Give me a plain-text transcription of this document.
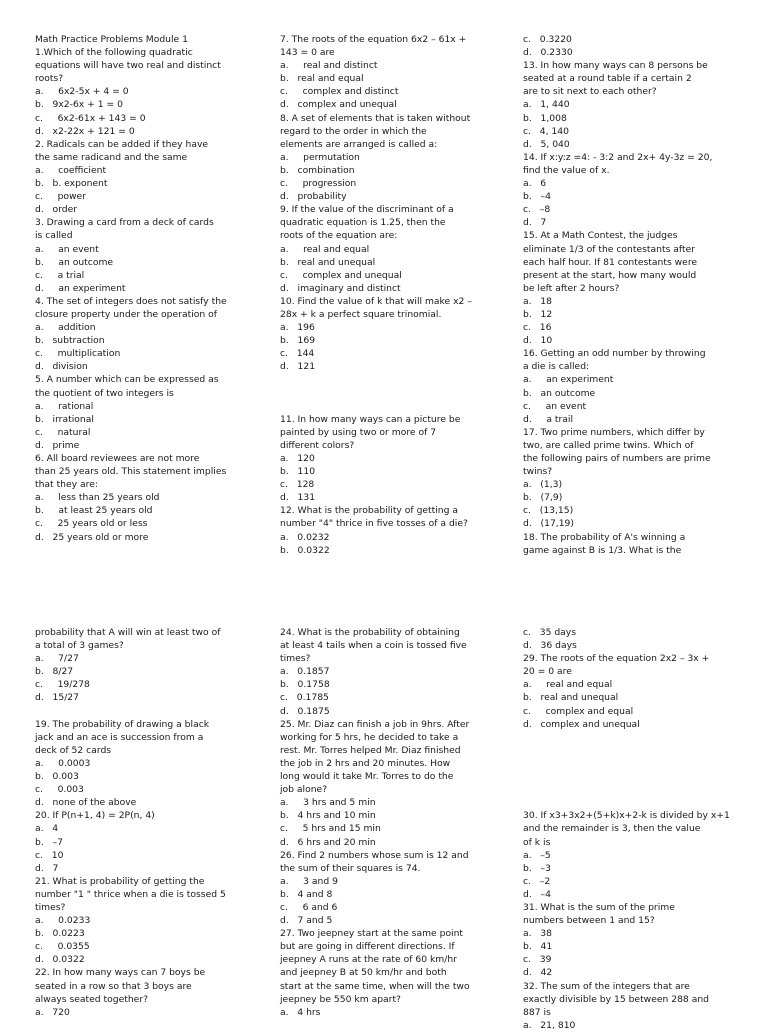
Math Practice Problems Module 1
1.Which of the following quadratic
equations will have two real and distinct
roots?
a.     6x2-5x + 4 = 0
b.   9x2-6x + 1 = 0
c.     6x2-61x + 143 = 0
d.   x2-22x + 121 = 0
2. Radicals can be added if they have
the same radicand and the same
a.     coefficient
b.   b. exponent
c.     power
d.   order
3. Drawing a card from a deck of cards
is called
a.     an event
b.     an outcome
c.     a trial
d.     an experiment
4. The set of integers does not satisfy the
closure property under the operation of
a.     addition
b.   subtraction
c.     multiplication
d.   division
5. A number which can be expressed as
the quotient of two integers is
a.     rational
b.   irrational
c.     natural
d.   prime
6. All board reviewees are not more
than 25 years old. This statement implies
that they are:
a.     less than 25 years old
b.     at least 25 years old
c.     25 years old or less
d.   25 years old or more
7. The roots of the equation 6x2 – 61x +
143 = 0 are
a.     real and distinct
b.   real and equal
c.     complex and distinct
d.   complex and unequal
8. A set of elements that is taken without
regard to the order in which the
elements are arranged is called a:
a.     permutation
b.   combination
c.     progression
d.   probability
9. If the value of the discriminant of a
quadratic equation is 1.25, then the
roots of the equation are:
a.     real and equal
b.   real and unequal
c.     complex and unequal
d.   imaginary and distinct
10. Find the value of k that will make x2 –
28x + k a perfect square trinomial.
a.   196
b.   169
c.   144
d.   121
11. In how many ways can a picture be
painted by using two or more of 7
different colors?
a.   120
b.   110
c.   128
d.   131
12. What is the probability of getting a
number "4" thrice in five tosses of a die?
a.   0.0232
b.   0.0322
c.   0.3220
d.   0.2330
13. In how many ways can 8 persons be
seated at a round table if a certain 2
are to sit next to each other?
a.   1, 440
b.   1,008
c.   4, 140
d.   5, 040
14. If x:y:z =4: - 3:2 and 2x+ 4y-3z = 20,
find the value of x.
a.   6
b.   –4
c.   –8
d.   7
15. At a Math Contest, the judges
eliminate 1/3 of the contestants after
each half hour. If 81 contestants were
present at the start, how many would
be left after 2 hours?
a.   18
b.   12
c.   16
d.   10
16. Getting an odd number by throwing
a die is called:
a.     an experiment
b.   an outcome
c.     an event
d.     a trail
17. Two prime numbers, which differ by
two, are called prime twins. Which of
the following pairs of numbers are prime
twins?
a.   (1,3)
b.   (7,9)
c.   (13,15)
d.   (17,19)
18. The probability of A's winning a
game against B is 1/3. What is the
probability that A will win at least two of
a total of 3 games?
a.     7/27
b.   8/27
c.     19/278
d.   15/27
19. The probability of drawing a black
jack and an ace is succession from a
deck of 52 cards
a.     0.0003
b.   0.003
c.     0.003
d.   none of the above
20. If P(n+1, 4) = 2P(n, 4)
a.   4
b.   –7
c.   10
d.   7
21. What is probability of getting the
number "1 " thrice when a die is tossed 5
times?
a.     0.0233
b.   0.0223
c.     0.0355
d.   0.0322
22. In how many ways can 7 boys be
seated in a row so that 3 boys are
always seated together?
a.   720
24. What is the probability of obtaining
at least 4 tails when a coin is tossed five
times?
a.   0.1857
b.   0.1758
c.   0.1785
d.   0.1875
25. Mr. Diaz can finish a job in 9hrs. After
working for 5 hrs, he decided to take a
rest. Mr. Torres helped Mr. Diaz finished
the job in 2 hrs and 20 minutes. How
long would it take Mr. Torres to do the
job alone?
a.     3 hrs and 5 min
b.   4 hrs and 10 min
c.     5 hrs and 15 min
d.   6 hrs and 20 min
26. Find 2 numbers whose sum is 12 and
the sum of their squares is 74.
a.     3 and 9
b.   4 and 8
c.     6 and 6
d.   7 and 5
27. Two jeepney start at the same point
but are going in different directions. If
jeepney A runs at the rate of 60 km/hr
and jeepney B at 50 km/hr and both
start at the same time, when will the two
jeepney be 550 km apart?
a.   4 hrs
c.   35 days
d.   36 days
29. The roots of the equation 2x2 – 3x +
20 = 0 are
a.     real and equal
b.   real and unequal
c.     complex and equal
d.   complex and unequal
30. If x3+3x2+(5+k)x+2-k is divided by x+1
and the remainder is 3, then the value
of k is
a.   –5
b.   –3
c.   –2
d.   –4
31. What is the sum of the prime
numbers between 1 and 15?
a.   38
b.   41
c.   39
d.   42
32. The sum of the integers that are
exactly divisible by 15 between 288 and
887 is
a.   21, 810
